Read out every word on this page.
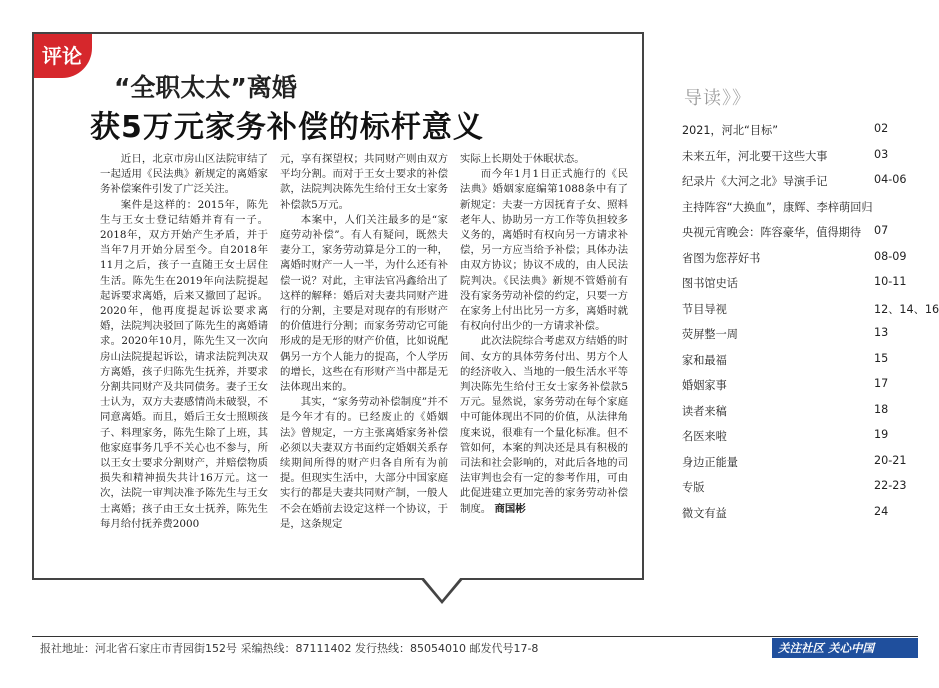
评论
“全职太太”离婚
获5万元家务补偿的标杆意义

近日，北京市房山区法院审结了一起适用《民法典》新规定的离婚家务补偿案件引发了广泛关注。

案件是这样的：2015年，陈先生与王女士登记结婚并育有一子。2018年，双方开始产生矛盾，并于当年7月开始分居至今。自2018年11月之后，孩子一直随王女士居住生活。陈先生在2019年向法院提起起诉要求离婚，后来又撤回了起诉。2020年，他再度提起诉讼要求离婚，法院判决驳回了陈先生的离婚请求。2020年10月，陈先生又一次向房山法院提起诉讼，请求法院判决双方离婚，孩子归陈先生抚养，并要求分割共同财产及共同债务。妻子王女士认为，双方夫妻感情尚未破裂，不同意离婚。而且，婚后王女士照顾孩子、料理家务，陈先生除了上班，其他家庭事务几乎不关心也不参与，所以王女士要求分割财产，并赔偿物质损失和精神损失共计16万元。这一次，法院一审判决准予陈先生与王女士离婚；孩子由王女士抚养，陈先生每月给付抚养费2000

元，享有探望权；共同财产则由双方平均分割。而对于王女士要求的补偿款，法院判决陈先生给付王女士家务补偿款5万元。

本案中，人们关注最多的是“家庭劳动补偿”。有人有疑问，既然夫妻分工，家务劳动算是分工的一种，离婚时财产一人一半，为什么还有补偿一说？对此，主审法官冯鑫给出了这样的解释：婚后对夫妻共同财产进行的分割，主要是对现存的有形财产的价值进行分割；而家务劳动它可能形成的是无形的财产价值，比如说配偶另一方个人能力的提高，个人学历的增长，这些在有形财产当中都是无法体现出来的。

其实，“家务劳动补偿制度”并不是今年才有的。已经废止的《婚姻法》曾规定，一方主张离婚家务补偿必须以夫妻双方书面约定婚姻关系存续期间所得的财产归各自所有为前提。但现实生活中，大部分中国家庭实行的都是夫妻共同财产制，一般人不会在婚前去设定这样一个协议，于是，这条规定

实际上长期处于休眠状态。

而今年1月1日正式施行的《民法典》婚姻家庭编第1088条中有了新规定：夫妻一方因抚育子女、照料老年人、协助另一方工作等负担较多义务的，离婚时有权向另一方请求补偿，另一方应当给予补偿；具体办法由双方协议；协议不成的，由人民法院判决。《民法典》新规不管婚前有没有家务劳动补偿的约定，只要一方在家务上付出比另一方多，离婚时就有权向付出少的一方请求补偿。

此次法院综合考虑双方结婚的时间、女方的具体劳务付出、男方个人的经济收入、当地的一般生活水平等判决陈先生给付王女士家务补偿款5万元。显然说，家务劳动在每个家庭中可能体现出不同的价值，从法律角度来说，很难有一个量化标准。但不管如何，本案的判决还是具有积极的司法和社会影响的，对此后各地的司法审判也会有一定的参考作用，可由此促进建立更加完善的家务劳动补偿制度。 商国彬

导读》》
2021，河北“目标”	02
未来五年，河北要干这些大事	03
纪录片《大河之北》导演手记	04-06
主持阵容“大换血”，康辉、李梓萌回归
央视元宵晚会：阵容豪华，值得期待 07
省图为您荐好书	08-09
图书馆史话	10-11
节目导视	12、14、16
荧屏整一周	13
家和最福	15
婚姻家事	17
读者来稿	18
名医来啦	19
身边正能量	20-21
专版	22-23
微文有益	24
报社地址：河北省石家庄市青园街152号 采编热线：87111402 发行热线：85054010 邮发代号17-8	关注社区 关心中国
